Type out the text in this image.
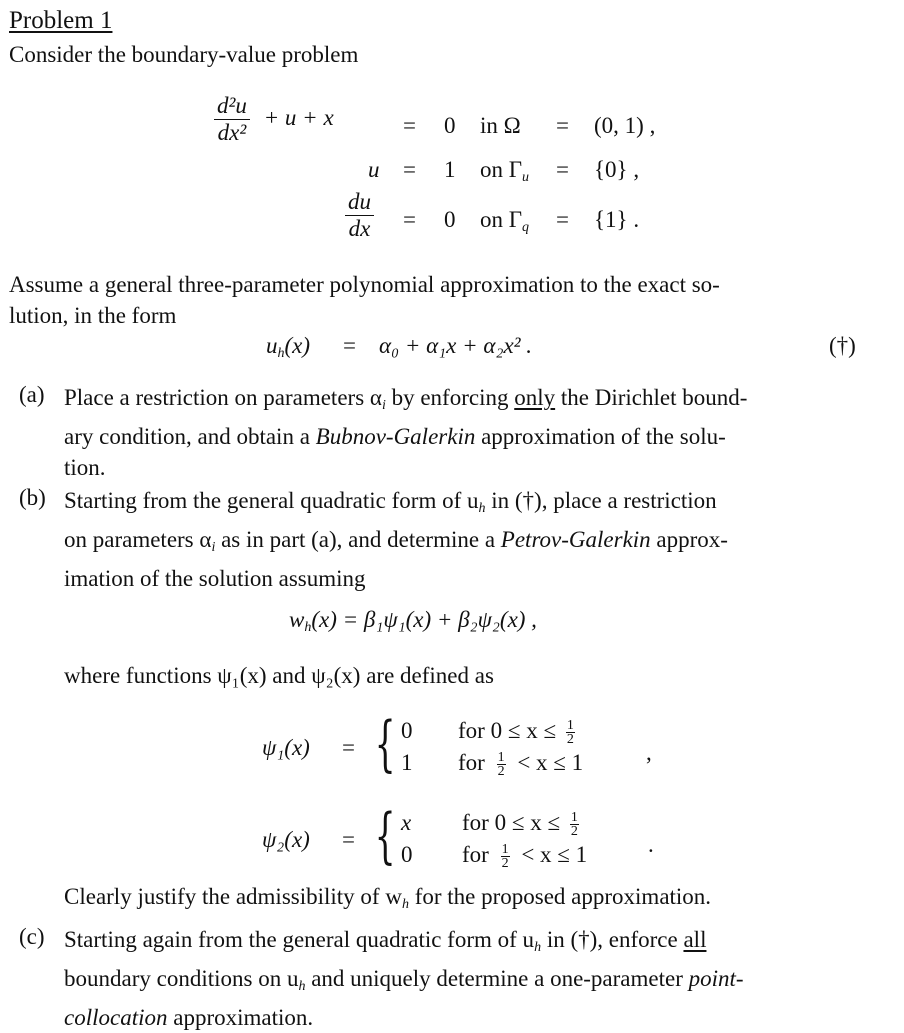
Problem 1
Consider the boundary-value problem
$\frac{\text{d²u}}{\text{dx²}} + u + x$	= 0 in Ω = (0, 1) ,
u = 1 on $\Gamma_u = \{0\}$ ,
$\frac{du}{dx} = 0$ on $\Gamma_q = \{1\}$ .
Assume a general three-parameter polynomial approximation to the exact so-
lution, in the form
$u_h(x) = \alpha_0 + \alpha_1x + \alpha_2x^2$ .	(†)
(a) Place a restriction on parameters $\alpha_i$ by enforcing only the Dirichlet bound-
ary condition, and obtain a Bubnov-Galerkin approximation of the solu-
tion.
(b) Starting from the general quadratic form of $u_h$ in (†), place a restriction
on parameters $\alpha_i$ as in part (a), and determine a Petrov-Galerkin approx-
imation of the solution assuming
$w_h(x) = \beta_1\psi_1(x) + \beta_2\psi_2(x)$ ,
where functions ψ₁(x) and ψ₂(x) are defined as
ψ₁(x) = { 0 for $0 \le x \le \frac{1}{2}$
1 for $\frac{1}{2} < x \le 1$	,
ψ₂(x) = { x for $0 \le x \le \frac{1}{2}$
0 for $\frac{1}{2} < x \le 1$	.
Clearly justify the admissibility of $w_h$ for the proposed approximation.
(c) Starting again from the general quadratic form of $u_h$ in (†), enforce all
boundary conditions on $u_h$ and uniquely determine a one-parameter point-
collocation approximation.
